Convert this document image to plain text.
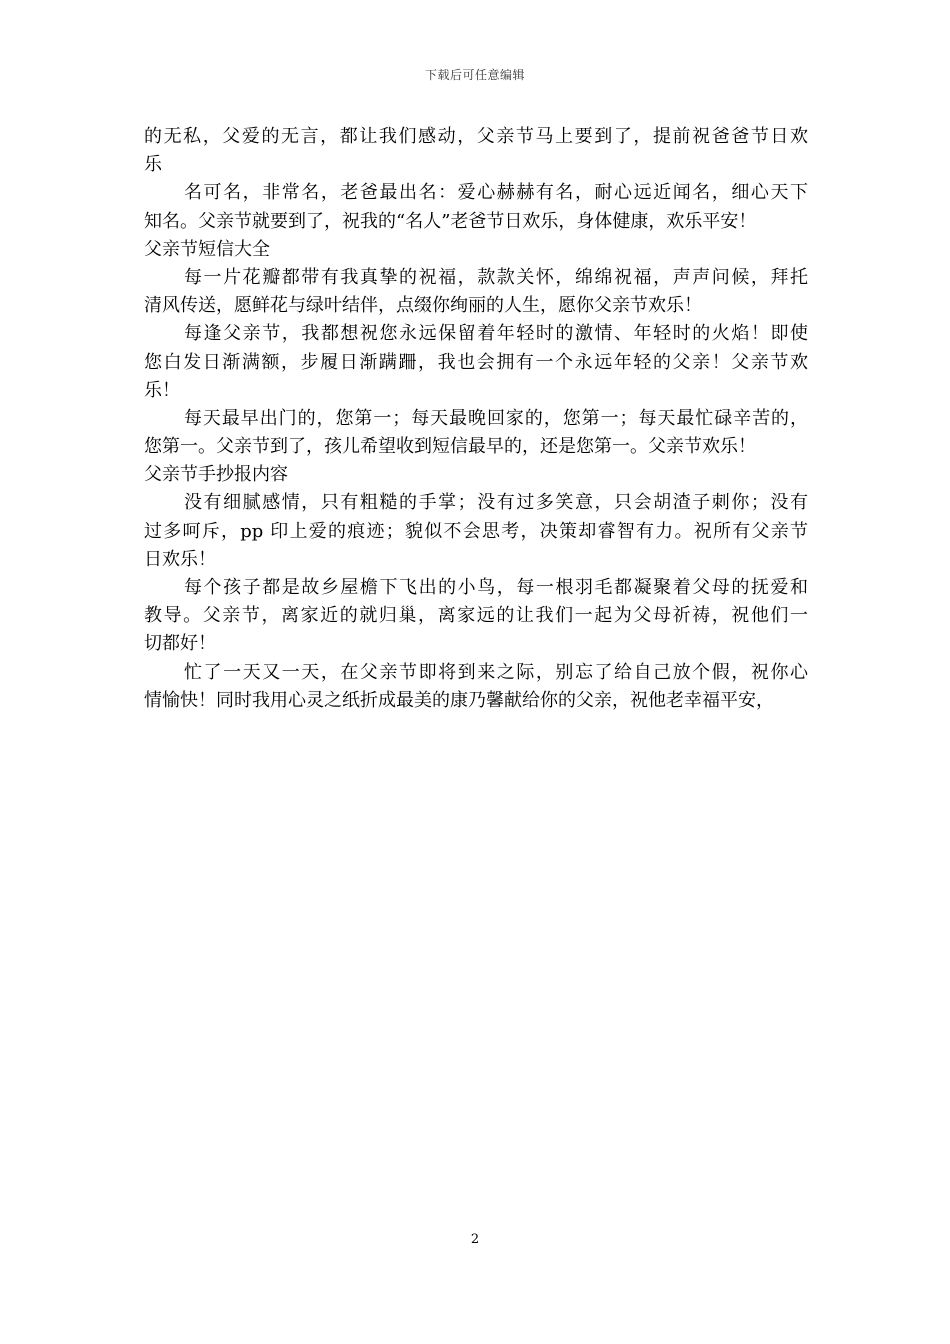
下载后可任意编辑
的无私，父爱的无言，都让我们感动，父亲节马上要到了，提前祝爸爸节日欢
乐
名可名，非常名，老爸最出名：爱心赫赫有名，耐心远近闻名，细心天下
知名。父亲节就要到了，祝我的“名人”老爸节日欢乐，身体健康，欢乐平安！
父亲节短信大全
每一片花瓣都带有我真挚的祝福，款款关怀，绵绵祝福，声声问候，拜托
清风传送，愿鲜花与绿叶结伴，点缀你绚丽的人生，愿你父亲节欢乐！
每逢父亲节，我都想祝您永远保留着年轻时的激情、年轻时的火焰！即使
您白发日渐满额，步履日渐蹒跚，我也会拥有一个永远年轻的父亲！父亲节欢
乐！
每天最早出门的，您第一；每天最晚回家的，您第一；每天最忙碌辛苦的，
您第一。父亲节到了，孩儿希望收到短信最早的，还是您第一。父亲节欢乐！
父亲节手抄报内容
没有细腻感情，只有粗糙的手掌；没有过多笑意，只会胡渣子刺你；没有
过多呵斥，pp 印上爱的痕迹；貌似不会思考，决策却睿智有力。祝所有父亲节
日欢乐！
每个孩子都是故乡屋檐下飞出的小鸟，每一根羽毛都凝聚着父母的抚爱和
教导。父亲节，离家近的就归巢，离家远的让我们一起为父母祈祷，祝他们一
切都好！
忙了一天又一天，在父亲节即将到来之际，别忘了给自己放个假，祝你心
情愉快！同时我用心灵之纸折成最美的康乃馨献给你的父亲，祝他老幸福平安，
2
